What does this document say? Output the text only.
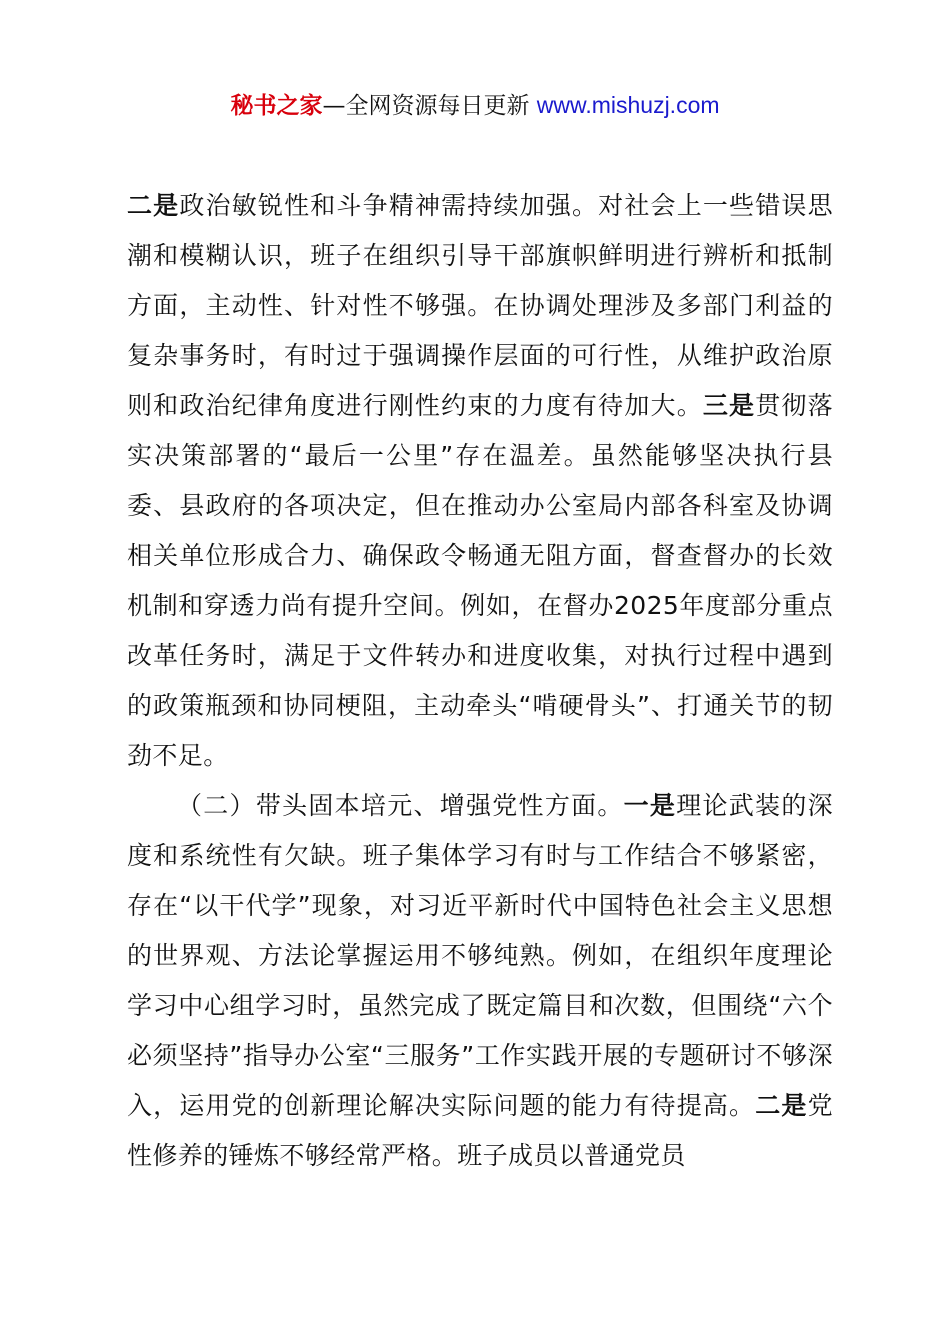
秘书之家—全网资源每日更新 www.mishuzj.com

二是政治敏锐性和斗争精神需持续加强。对社会上一些错误思潮和模糊认识，班子在组织引导干部旗帜鲜明进行辨析和抵制方面，主动性、针对性不够强。在协调处理涉及多部门利益的复杂事务时，有时过于强调操作层面的可行性，从维护政治原则和政治纪律角度进行刚性约束的力度有待加大。三是贯彻落实决策部署的“最后一公里”存在温差。虽然能够坚决执行县委、县政府的各项决定，但在推动办公室局内部各科室及协调相关单位形成合力、确保政令畅通无阻方面，督查督办的长效机制和穿透力尚有提升空间。例如，在督办2025年度部分重点改革任务时，满足于文件转办和进度收集，对执行过程中遇到的政策瓶颈和协同梗阻，主动牵头“啃硬骨头”、打通关节的韧劲不足。

（二）带头固本培元、增强党性方面。一是理论武装的深度和系统性有欠缺。班子集体学习有时与工作结合不够紧密，存在“以干代学”现象，对习近平新时代中国特色社会主义思想的世界观、方法论掌握运用不够纯熟。例如，在组织年度理论学习中心组学习时，虽然完成了既定篇目和次数，但围绕“六个必须坚持”指导办公室“三服务”工作实践开展的专题研讨不够深入，运用党的创新理论解决实际问题的能力有待提高。二是党性修养的锤炼不够经常严格。班子成员以普通党员
